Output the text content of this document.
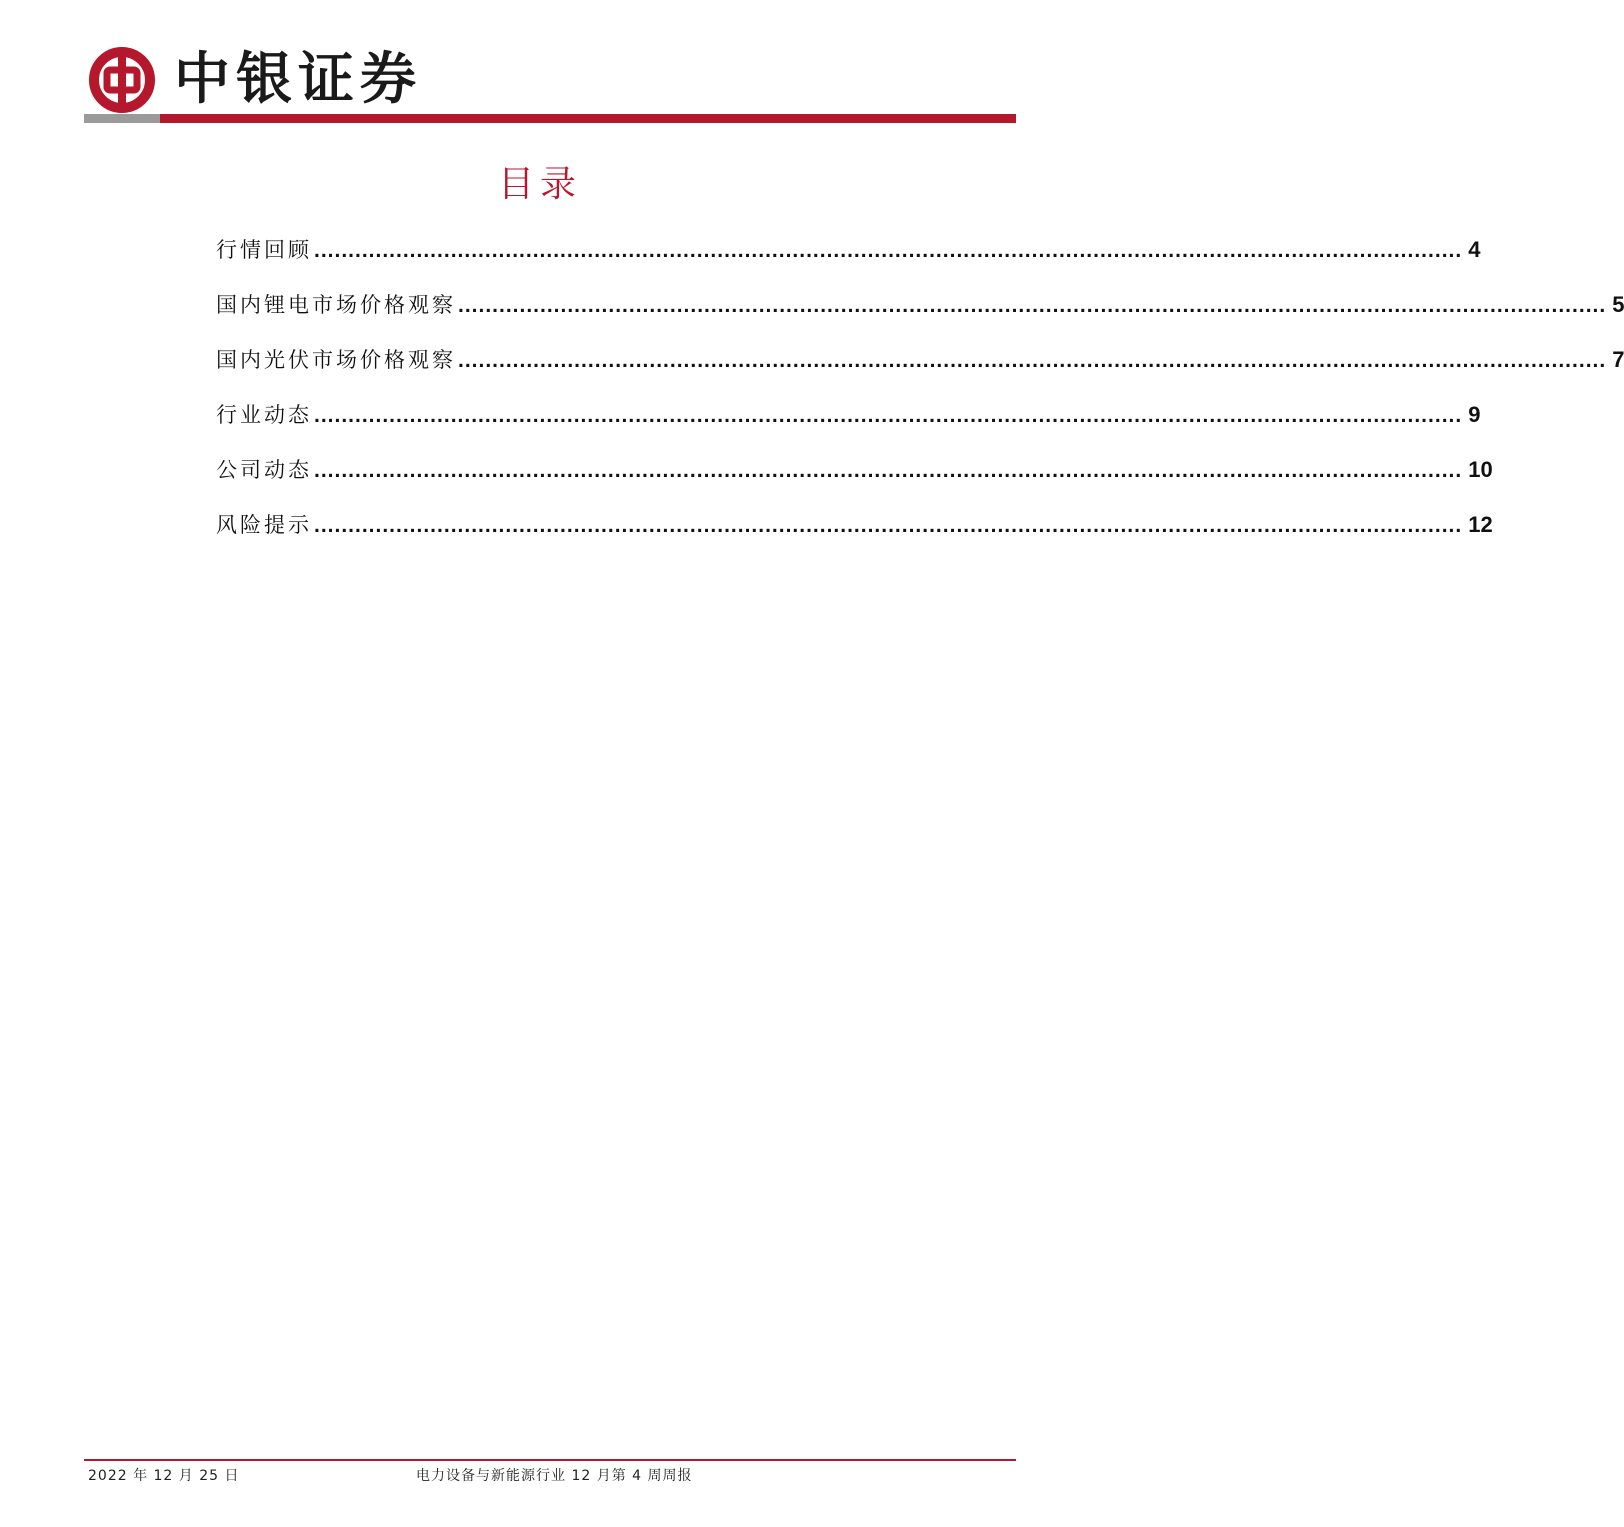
中银证券
目录
行情回顾 ........................................................................................................................................................................ 4
国内锂电市场价格观察 ........................................................................................................................................................................ 5
国内光伏市场价格观察 ........................................................................................................................................................................ 7
行业动态 ........................................................................................................................................................................ 9
公司动态 ........................................................................................................................................................................ 10
风险提示 ........................................................................................................................................................................ 12
2022 年 12 月 25 日	电力设备与新能源行业 12 月第 4 周周报
